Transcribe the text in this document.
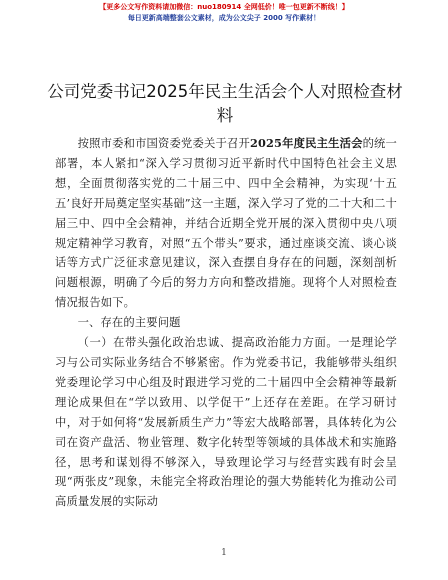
【更多公文写作资料请加微信：nuo180914 全网低价！唯一包更新不断线！】
每日更新高端整套公文素材，成为公文尖子 2000 写作素材！
公司党委书记2025年民主生活会个人对照检查材料

按照市委和市国资委党委关于召开2025年度民主生活会的统一部署，本人紧扣“深入学习贯彻习近平新时代中国特色社会主义思想，全面贯彻落实党的二十届三中、四中全会精神，为实现‘十五五’良好开局奠定坚实基础”这一主题，深入学习了党的二十大和二十届三中、四中全会精神，并结合近期全党开展的深入贯彻中央八项规定精神学习教育，对照“五个带头”要求，通过座谈交流、谈心谈话等方式广泛征求意见建议，深入查摆自身存在的问题，深刻剖析问题根源，明确了今后的努力方向和整改措施。现将个人对照检查情况报告如下。

一、存在的主要问题

（一）在带头强化政治忠诚、提高政治能力方面。一是理论学习与公司实际业务结合不够紧密。作为党委书记，我能够带头组织党委理论学习中心组及时跟进学习党的二十届四中全会精神等最新理论成果但在“学以致用、以学促干”上还存在差距。在学习研讨中，对于如何将“发展新质生产力”等宏大战略部署，具体转化为公司在资产盘活、物业管理、数字化转型等领域的具体战术和实施路径，思考和谋划得不够深入，导致理论学习与经营实践有时会呈现“两张皮”现象，未能完全将政治理论的强大势能转化为推动公司高质量发展的实际动

1
